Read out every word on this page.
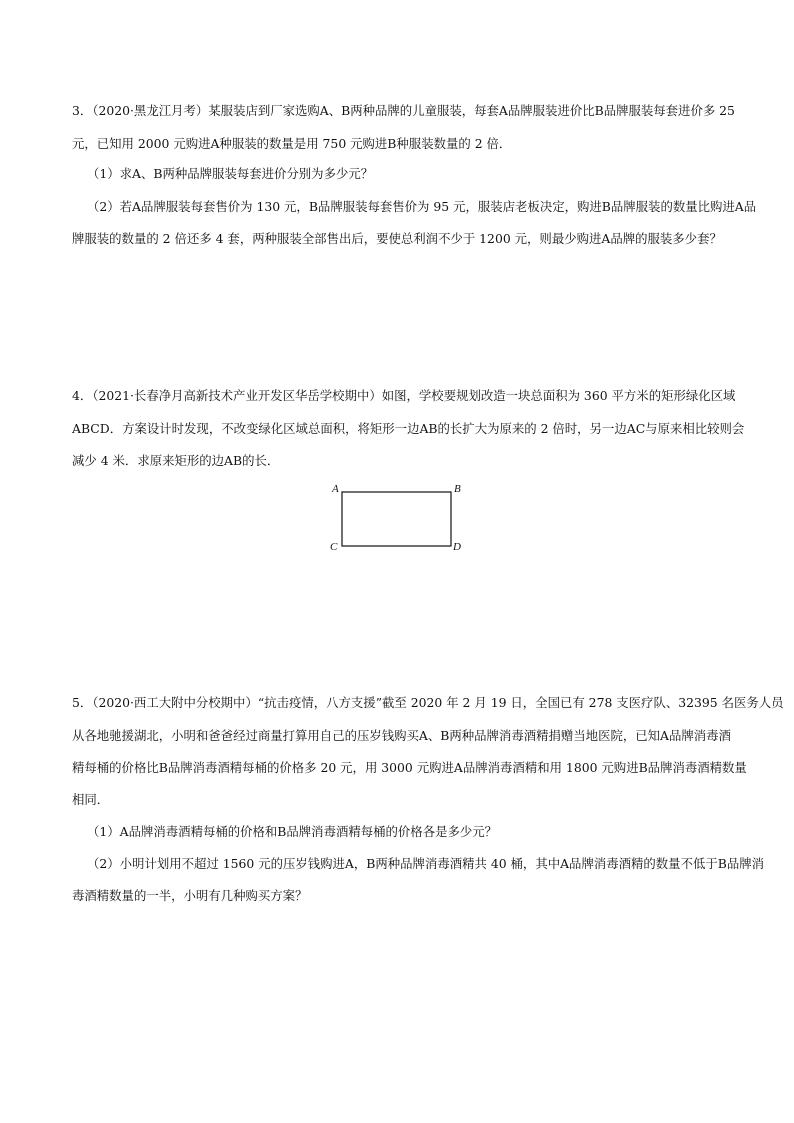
3．（2020·黑龙江月考）某服装店到厂家选购A、B两种品牌的儿童服装，每套A品牌服装进价比B品牌服装每套进价多 25
元，已知用 2000 元购进A种服装的数量是用 750 元购进B种服装数量的 2 倍．
（1）求A、B两种品牌服装每套进价分别为多少元？
（2）若A品牌服装每套售价为 130 元，B品牌服装每套售价为 95 元，服装店老板决定，购进B品牌服装的数量比购进A品
牌服装的数量的 2 倍还多 4 套，两种服装全部售出后，要使总利润不少于 1200 元，则最少购进A品牌的服装多少套？
4．（2021·长春净月高新技术产业开发区华岳学校期中）如图，学校要规划改造一块总面积为 360 平方米的矩形绿化区域
ABCD．方案设计时发现，不改变绿化区域总面积，将矩形一边AB的长扩大为原来的 2 倍时，另一边AC与原来相比较则会
减少 4 米．求原来矩形的边AB的长．
A	B
C	D
5．（2020·西工大附中分校期中）“抗击疫情，八方支援”截至 2020 年 2 月 19 日，全国已有 278 支医疗队、32395 名医务人员
从各地驰援湖北，小明和爸爸经过商量打算用自己的压岁钱购买A、B两种品牌消毒酒精捐赠当地医院，已知A品牌消毒酒
精每桶的价格比B品牌消毒酒精每桶的价格多 20 元，用 3000 元购进A品牌消毒酒精和用 1800 元购进B品牌消毒酒精数量
相同．
（1）A品牌消毒酒精每桶的价格和B品牌消毒酒精每桶的价格各是多少元？
（2）小明计划用不超过 1560 元的压岁钱购进A，B两种品牌消毒酒精共 40 桶，其中A品牌消毒酒精的数量不低于B品牌消
毒酒精数量的一半，小明有几种购买方案？
